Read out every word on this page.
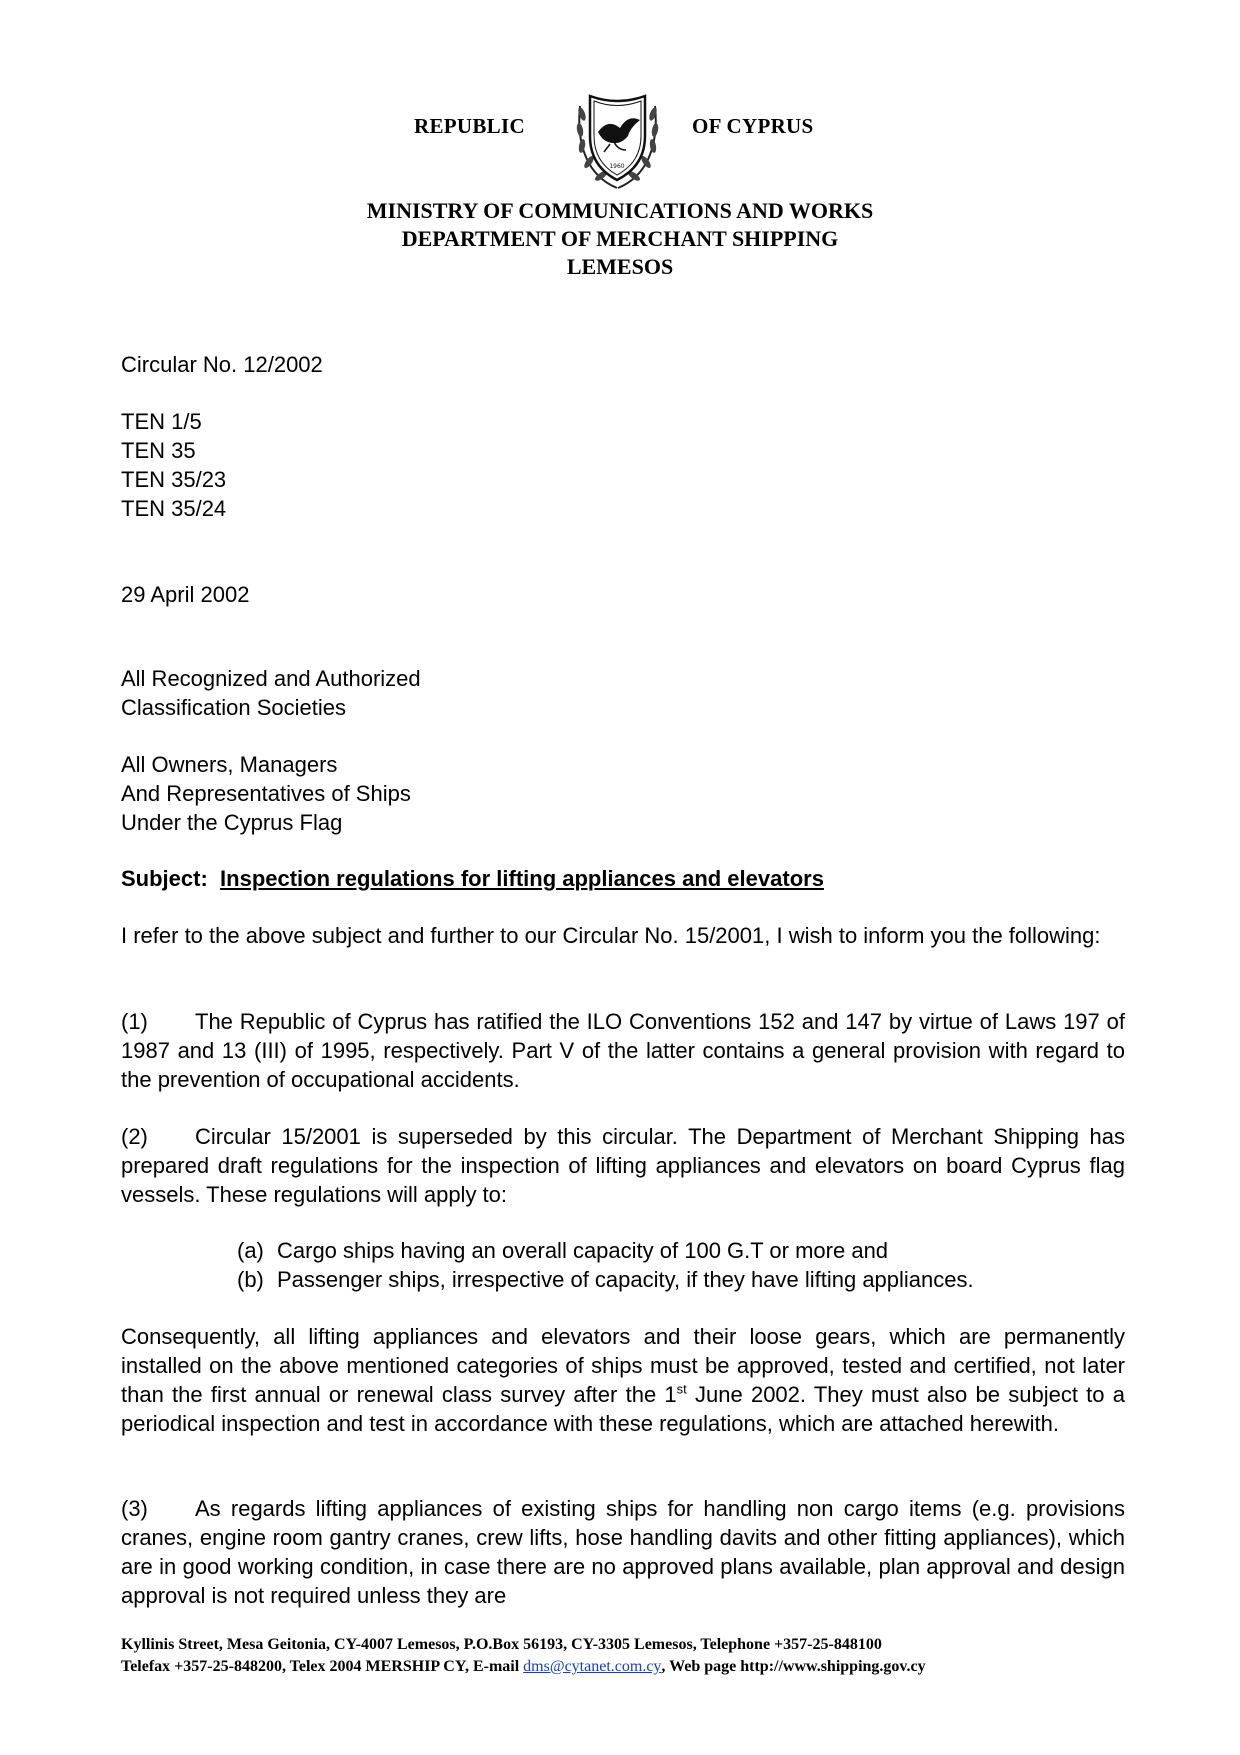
REPUBLIC
1960
OF CYPRUS
MINISTRY OF COMMUNICATIONS AND WORKS
DEPARTMENT OF MERCHANT SHIPPING
LEMESOS
Circular No. 12/2002
TEN 1/5
TEN 35
TEN 35/23
TEN 35/24
29 April 2002
All Recognized and Authorized
Classification Societies
All Owners, Managers
And Representatives of Ships
Under the Cyprus Flag
Subject: Inspection regulations for lifting appliances and elevators
I refer to the above subject and further to our Circular No. 15/2001, I wish to inform you the following:
(1) The Republic of Cyprus has ratified the ILO Conventions 152 and 147 by virtue of Laws 197 of 1987 and 13 (III) of 1995, respectively. Part V of the latter contains a general provision with regard to the prevention of occupational accidents.
(2) Circular 15/2001 is superseded by this circular. The Department of Merchant Shipping has prepared draft regulations for the inspection of lifting appliances and elevators on board Cyprus flag vessels. These regulations will apply to:
(a) Cargo ships having an overall capacity of 100 G.T or more and
(b) Passenger ships, irrespective of capacity, if they have lifting appliances.
Consequently, all lifting appliances and elevators and their loose gears, which are permanently installed on the above mentioned categories of ships must be approved, tested and certified, not later than the first annual or renewal class survey after the 1st June 2002. They must also be subject to a periodical inspection and test in accordance with these regulations, which are attached herewith.
(3) As regards lifting appliances of existing ships for handling non cargo items (e.g. provisions cranes, engine room gantry cranes, crew lifts, hose handling davits and other fitting appliances), which are in good working condition, in case there are no approved plans available, plan approval and design approval is not required unless they are
Kyllinis Street, Mesa Geitonia, CY-4007 Lemesos, P.O.Box 56193, CY-3305 Lemesos, Telephone +357-25-848100
Telefax +357-25-848200, Telex 2004 MERSHIP CY, E-mail dms@cytanet.com.cy, Web page http://www.shipping.gov.cy
